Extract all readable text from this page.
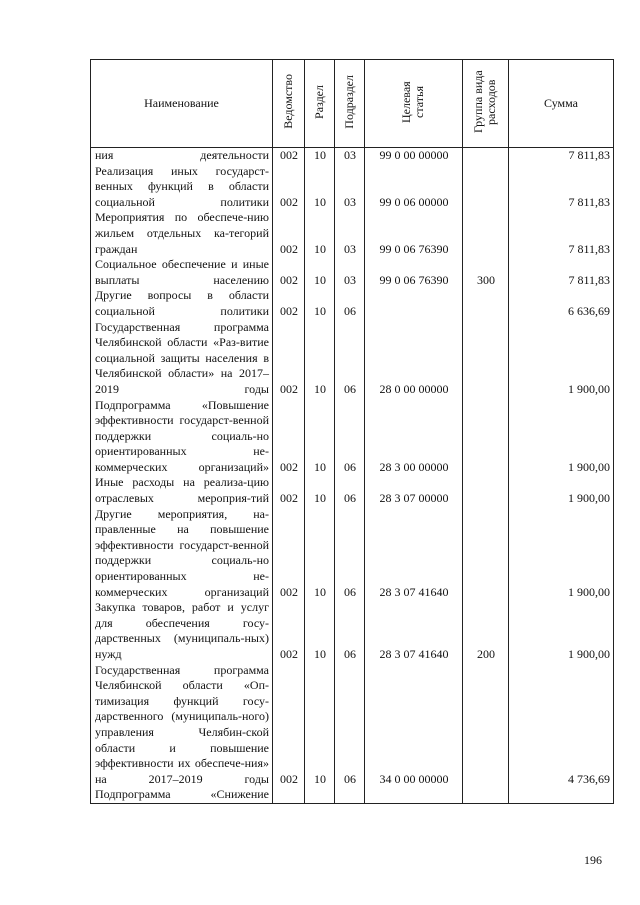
Наименование	Ведомство	Раздел	Подраздел	Целевая статья	Группа вида расходов	Сумма
ния деятельности	002	10	03	99 0 00 00000		7 811,83
Реализация иных государст-венных функций в области социальной политики	002	10	03	99 0 06 00000		7 811,83
Мероприятия по обеспече-нию жильем отдельных ка-тегорий граждан	002	10	03	99 0 06 76390		7 811,83
Социальное обеспечение и иные выплаты населению	002	10	03	99 0 06 76390	300	7 811,83
Другие вопросы в области социальной политики	002	10	06			6 636,69
Государственная программа Челябинской области «Раз-витие социальной защиты населения в Челябинской области» на 2017–2019 годы	002	10	06	28 0 00 00000		1 900,00
Подпрограмма «Повышение эффективности государст-венной поддержки социаль-но ориентированных не-коммерческих организаций»	002	10	06	28 3 00 00000		1 900,00
Иные расходы на реализа-цию отраслевых мероприя-тий	002	10	06	28 3 07 00000		1 900,00
Другие мероприятия, на-правленные на повышение эффективности государст-венной поддержки социаль-но ориентированных не-коммерческих организаций	002	10	06	28 3 07 41640		1 900,00
Закупка товаров, работ и услуг для обеспечения госу-дарственных (муниципаль-ных) нужд	002	10	06	28 3 07 41640	200	1 900,00
Государственная программа Челябинской области «Оп-тимизация функций госу-дарственного (муниципаль-ного) управления Челябин-ской области и повышение эффективности их обеспече-ния» на 2017–2019 годы	002	10	06	34 0 00 00000		4 736,69
Подпрограмма «Снижение						
196
